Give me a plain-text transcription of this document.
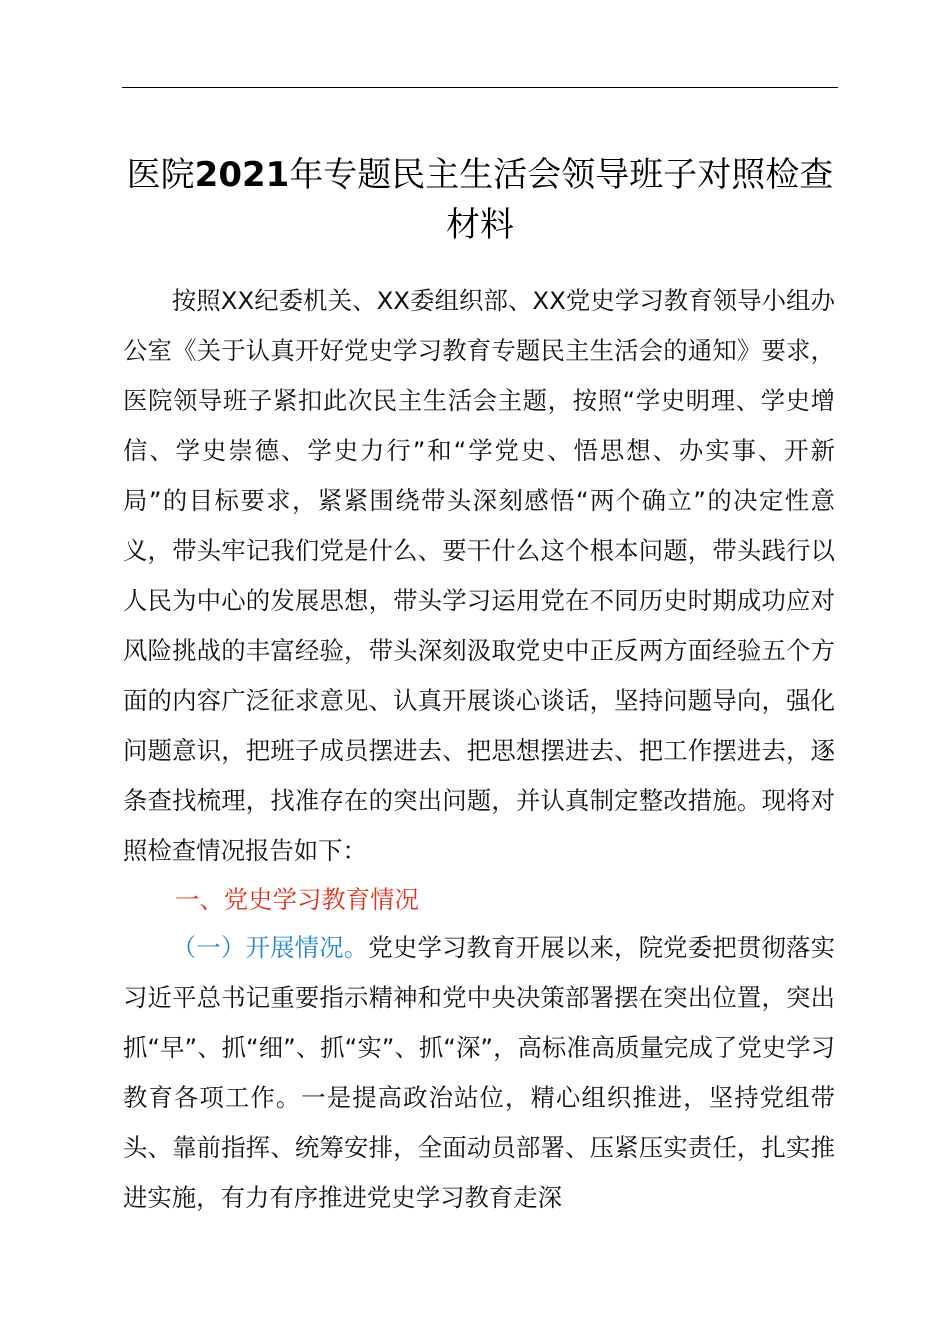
医院2021年专题民主生活会领导班子对照检查材料

按照XX纪委机关、XX委组织部、XX党史学习教育领导小组办公室《关于认真开好党史学习教育专题民主生活会的通知》要求，医院领导班子紧扣此次民主生活会主题，按照“学史明理、学史增信、学史崇德、学史力行”和“学党史、悟思想、办实事、开新局”的目标要求，紧紧围绕带头深刻感悟“两个确立”的决定性意义，带头牢记我们党是什么、要干什么这个根本问题，带头践行以人民为中心的发展思想，带头学习运用党在不同历史时期成功应对风险挑战的丰富经验，带头深刻汲取党史中正反两方面经验五个方面的内容广泛征求意见、认真开展谈心谈话，坚持问题导向，强化问题意识，把班子成员摆进去、把思想摆进去、把工作摆进去，逐条查找梳理，找准存在的突出问题，并认真制定整改措施。现将对照检查情况报告如下：

一、党史学习教育情况

（一）开展情况。党史学习教育开展以来，院党委把贯彻落实习近平总书记重要指示精神和党中央决策部署摆在突出位置，突出抓“早”、抓“细”、抓“实”、抓“深”，高标准高质量完成了党史学习教育各项工作。一是提高政治站位，精心组织推进，坚持党组带头、靠前指挥、统筹安排，全面动员部署、压紧压实责任，扎实推进实施，有力有序推进党史学习教育走深
